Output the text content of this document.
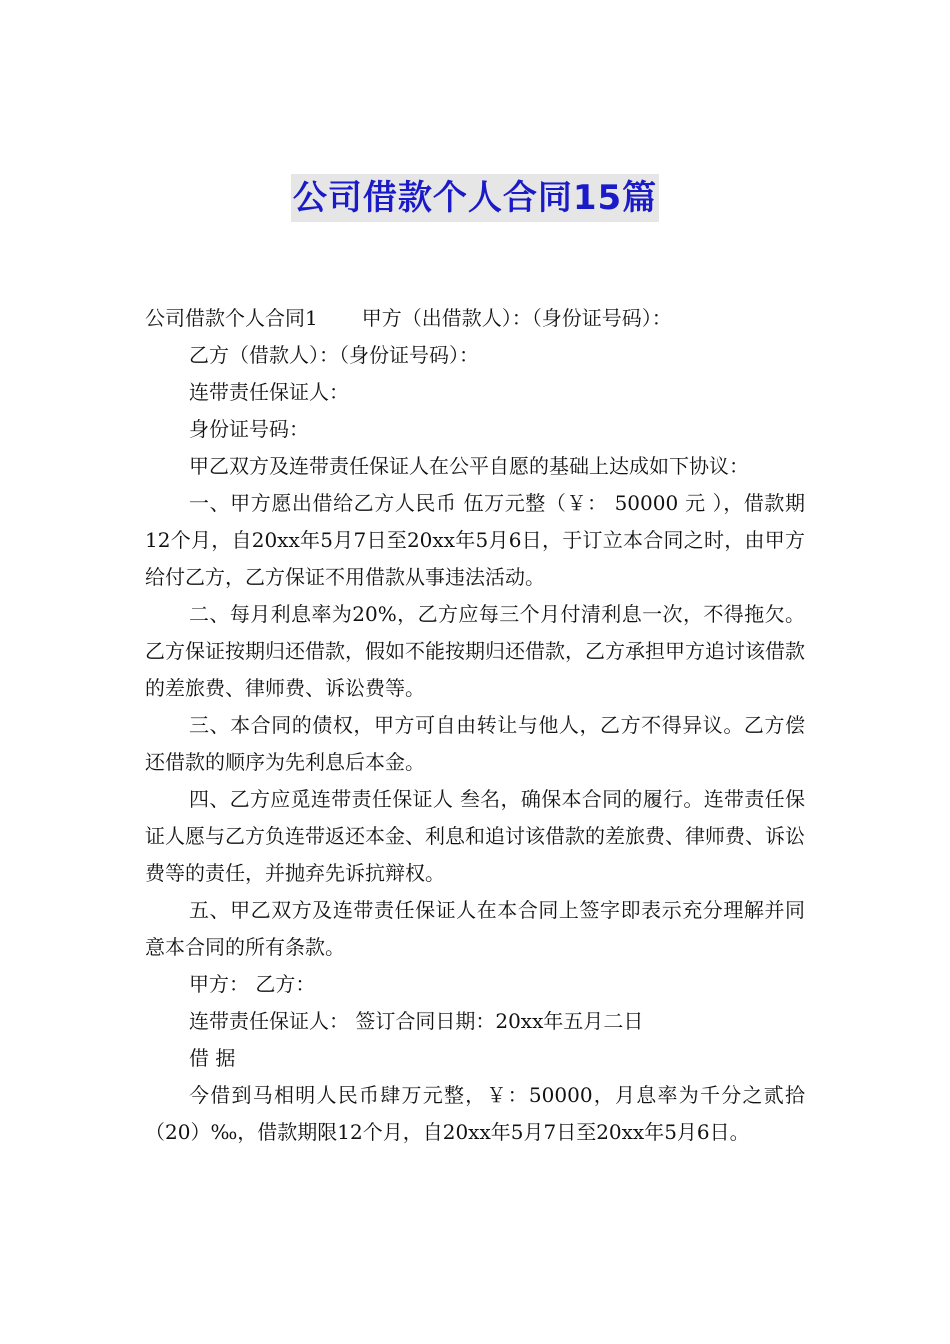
公司借款个人合同15篇

公司借款个人合同1 甲方（出借款人）：（身份证号码）：

乙方（借款人）：（身份证号码）：

连带责任保证人：

身份证号码：

甲乙双方及连带责任保证人在公平自愿的基础上达成如下协议：

一、甲方愿出借给乙方人民币 伍万元整（￥： 50000 元 ），借款期12个月，自20xx年5月7日至20xx年5月6日，于订立本合同之时，由甲方给付乙方，乙方保证不用借款从事违法活动。

二、每月利息率为20%，乙方应每三个月付清利息一次，不得拖欠。乙方保证按期归还借款，假如不能按期归还借款，乙方承担甲方追讨该借款的差旅费、律师费、诉讼费等。

三、本合同的债权，甲方可自由转让与他人，乙方不得异议。乙方偿还借款的顺序为先利息后本金。

四、乙方应觅连带责任保证人 叁名，确保本合同的履行。连带责任保证人愿与乙方负连带返还本金、利息和追讨该借款的差旅费、律师费、诉讼费等的责任，并抛弃先诉抗辩权。

五、甲乙双方及连带责任保证人在本合同上签字即表示充分理解并同意本合同的所有条款。

甲方： 乙方：

连带责任保证人： 签订合同日期：20xx年五月二日

借 据

今借到马相明人民币肆万元整，￥：50000，月息率为千分之贰拾（20）‰，借款期限12个月，自20xx年5月7日至20xx年5月6日。
